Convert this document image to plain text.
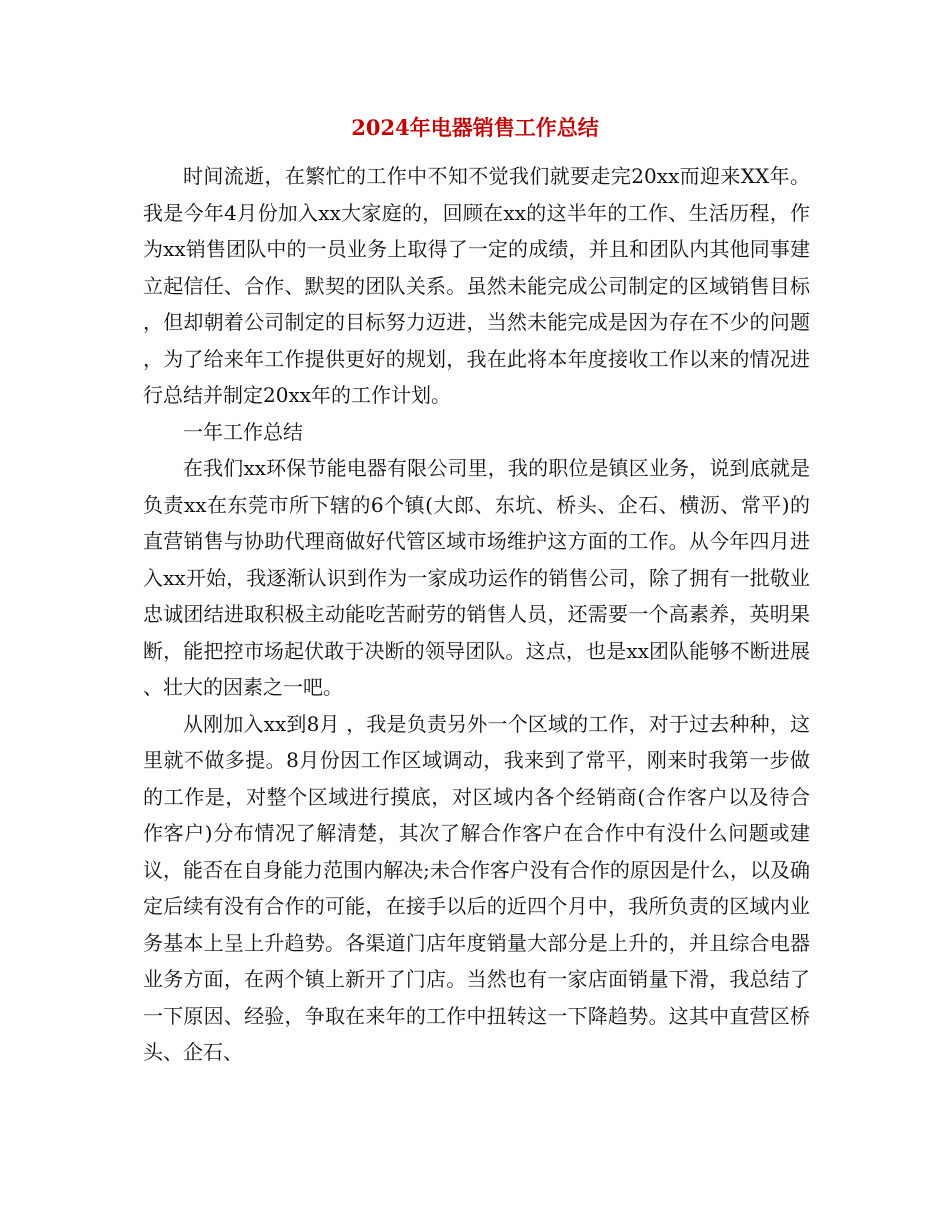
2024年电器销售工作总结

时间流逝，在繁忙的工作中不知不觉我们就要走完20xx而迎来XX年。我是今年4月份加入xx大家庭的，回顾在xx的这半年的工作、生活历程，作为xx销售团队中的一员业务上取得了一定的成绩，并且和团队内其他同事建立起信任、合作、默契的团队关系。虽然未能完成公司制定的区域销售目标，但却朝着公司制定的目标努力迈进，当然未能完成是因为存在不少的问题，为了给来年工作提供更好的规划，我在此将本年度接收工作以来的情况进行总结并制定20xx年的工作计划。

一年工作总结

在我们xx环保节能电器有限公司里，我的职位是镇区业务，说到底就是负责xx在东莞市所下辖的6个镇(大郎、东坑、桥头、企石、横沥、常平)的直营销售与协助代理商做好代管区域市场维护这方面的工作。从今年四月进入xx开始，我逐渐认识到作为一家成功运作的销售公司，除了拥有一批敬业忠诚团结进取积极主动能吃苦耐劳的销售人员，还需要一个高素养，英明果断，能把控市场起伏敢于决断的领导团队。这点，也是xx团队能够不断进展、壮大的因素之一吧。

从刚加入xx到8月 ，我是负责另外一个区域的工作，对于过去种种，这里就不做多提。8月份因工作区域调动，我来到了常平，刚来时我第一步做的工作是，对整个区域进行摸底，对区域内各个经销商(合作客户以及待合作客户)分布情况了解清楚，其次了解合作客户在合作中有没什么问题或建议，能否在自身能力范围内解决;未合作客户没有合作的原因是什么，以及确定后续有没有合作的可能，在接手以后的近四个月中，我所负责的区域内业务基本上呈上升趋势。各渠道门店年度销量大部分是上升的，并且综合电器业务方面，在两个镇上新开了门店。当然也有一家店面销量下滑，我总结了一下原因、经验，争取在来年的工作中扭转这一下降趋势。这其中直营区桥头、企石、
